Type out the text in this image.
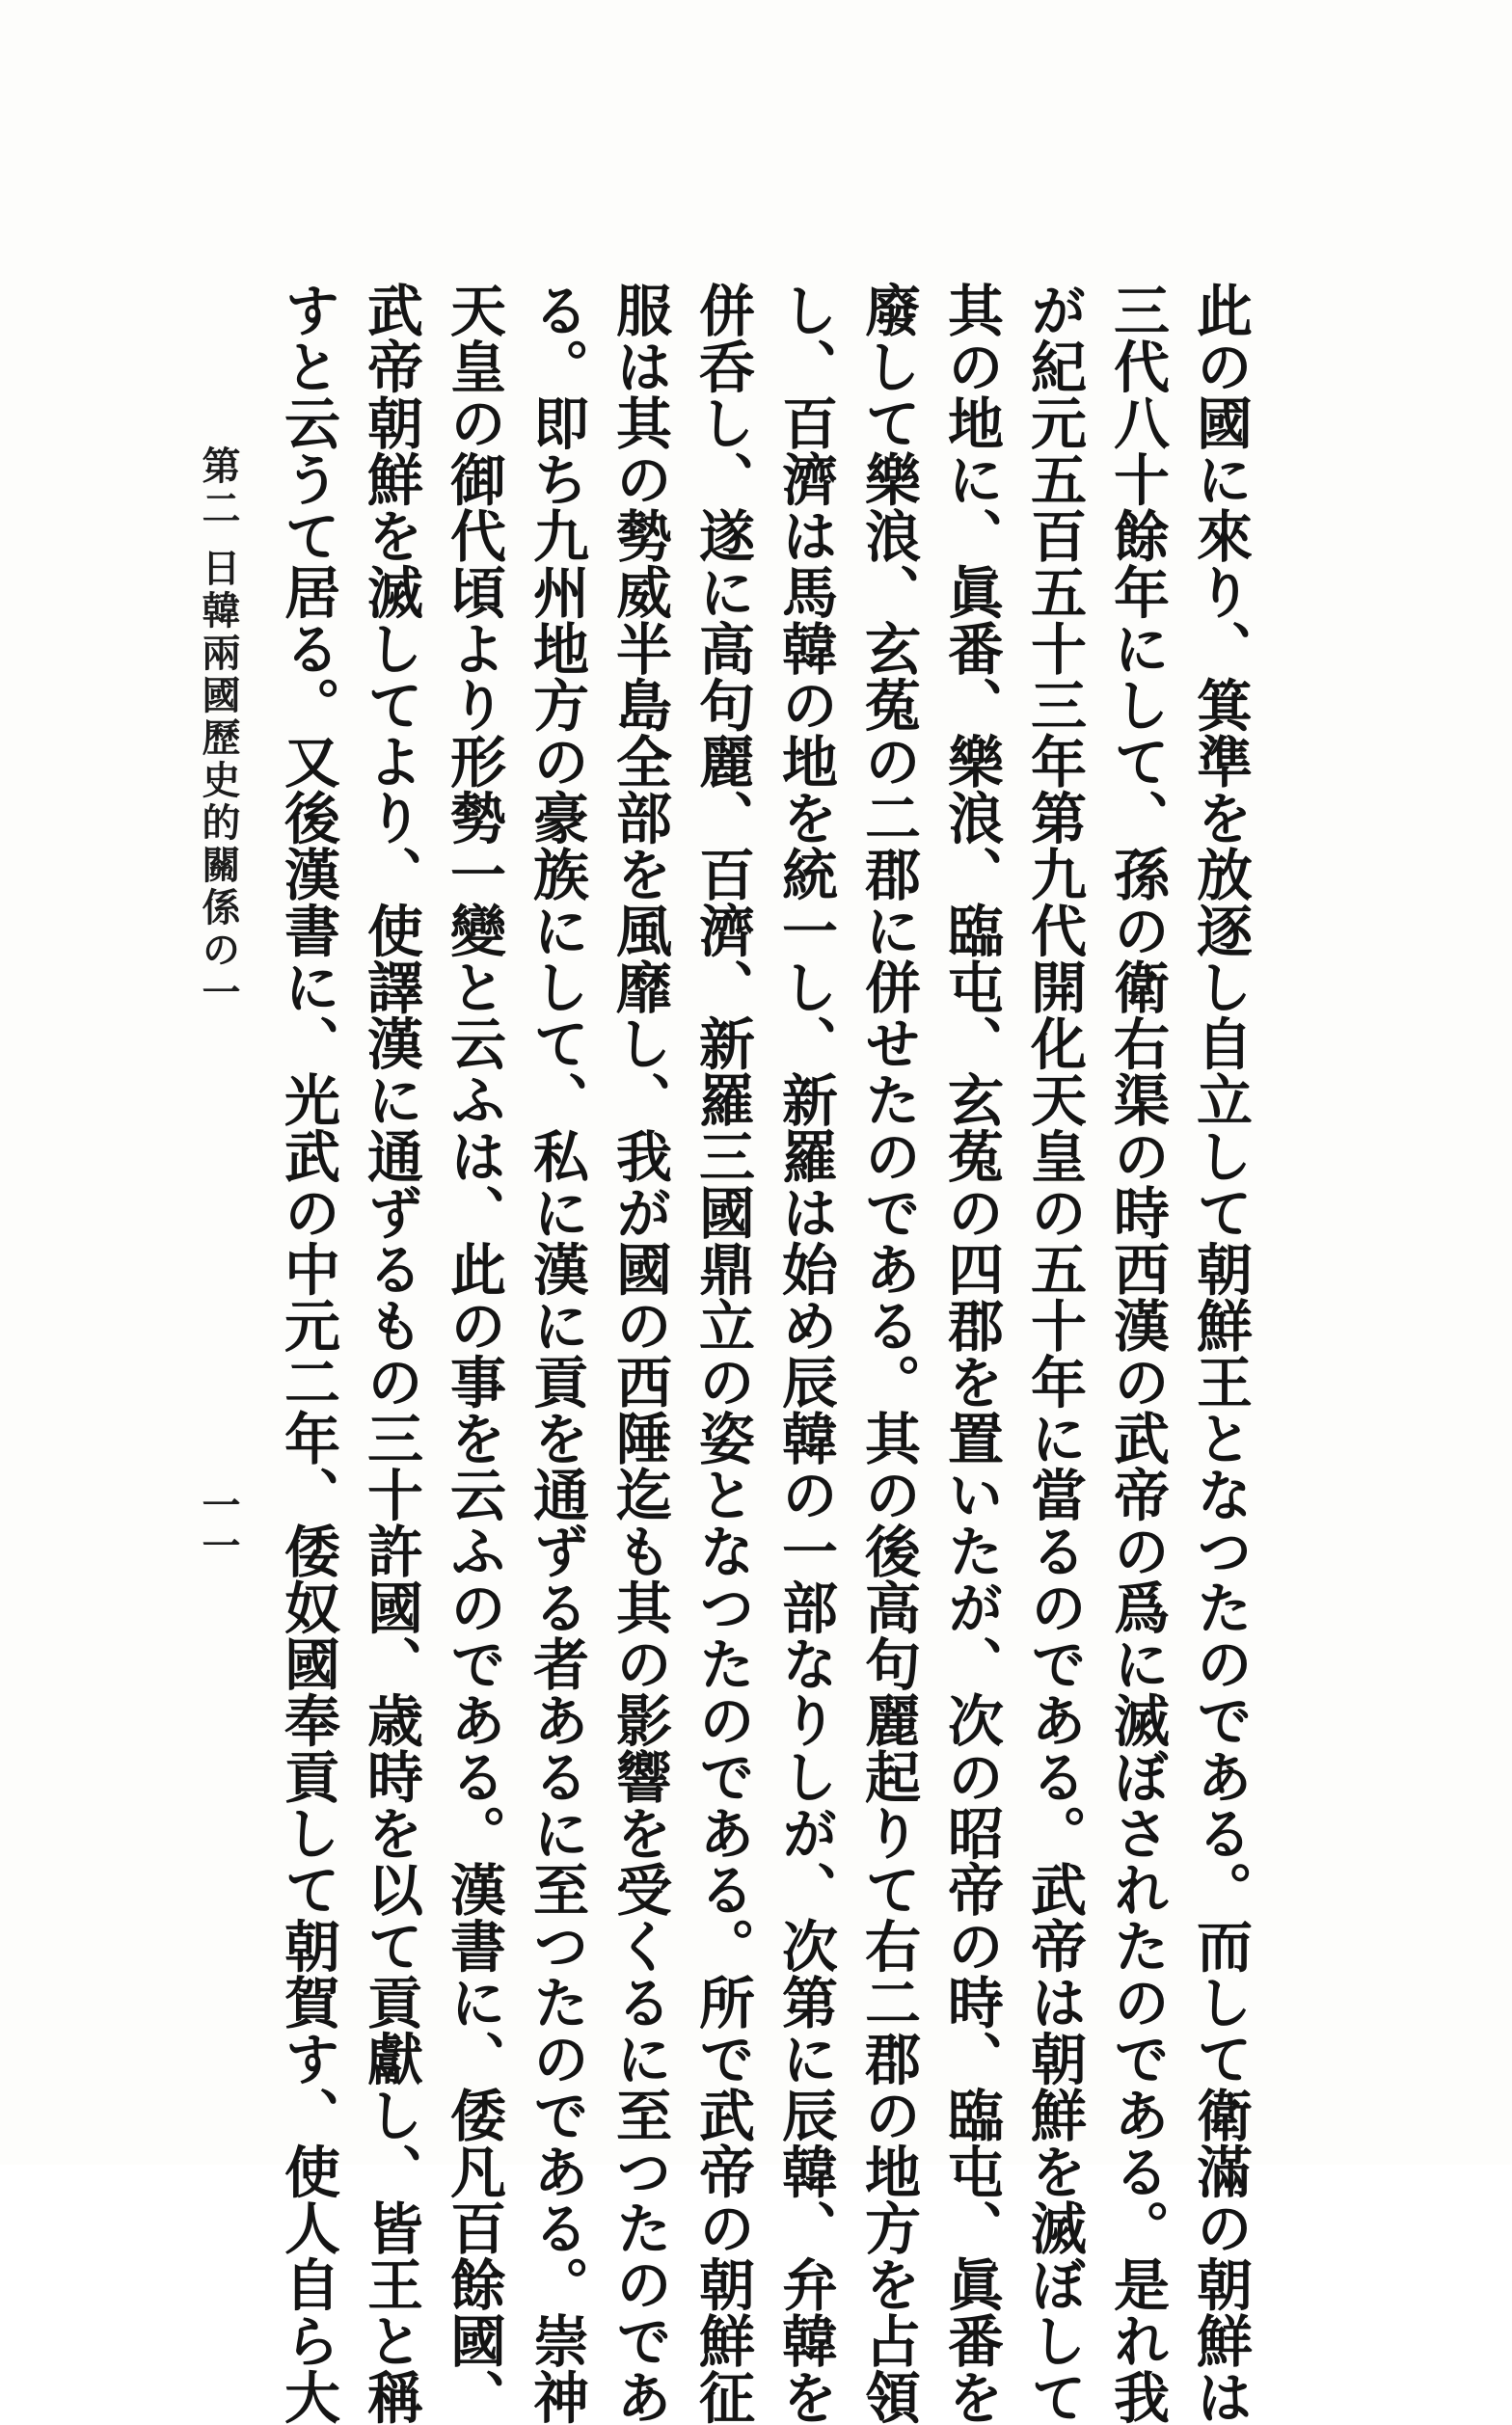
此の國に來り、箕準を放逐し自立して朝鮮王となつたのである。而して衛滿の朝鮮は
三代八十餘年にして、孫の衛右渠の時西漢の武帝の爲に滅ぼされたのである。是れ我
が紀元五百五十三年第九代開化天皇の五十年に當るのである。武帝は朝鮮を滅ぼして
其の地に、眞番、樂浪、臨屯、玄菟の四郡を置いたが、次の昭帝の時、臨屯、眞番を
廢して樂浪、玄菟の二郡に併せたのである。其の後高句麗起りて右二郡の地方を占領
し、百濟は馬韓の地を統一し、新羅は始め辰韓の一部なりしが、次第に辰韓、弁韓を
併呑し、遂に高句麗、百濟、新羅三國鼎立の姿となつたのである。所で武帝の朝鮮征
服は其の勢威半島全部を風靡し、我が國の西陲迄も其の影響を受くるに至つたのであ
る。即ち九州地方の豪族にして、私に漢に貢を通ずる者あるに至つたのである。崇神
天皇の御代頃より形勢一變と云ふは、此の事を云ふのである。漢書に、倭凡百餘國、
武帝朝鮮を滅してより、使譯漢に通ずるもの三十許國、歳時を以て貢獻し、皆王と稱
すと云うて居る。又後漢書に、光武の中元二年、倭奴國奉貢して朝賀す、使人自ら大
第二 日韓兩國歷史的關係の一
一一
